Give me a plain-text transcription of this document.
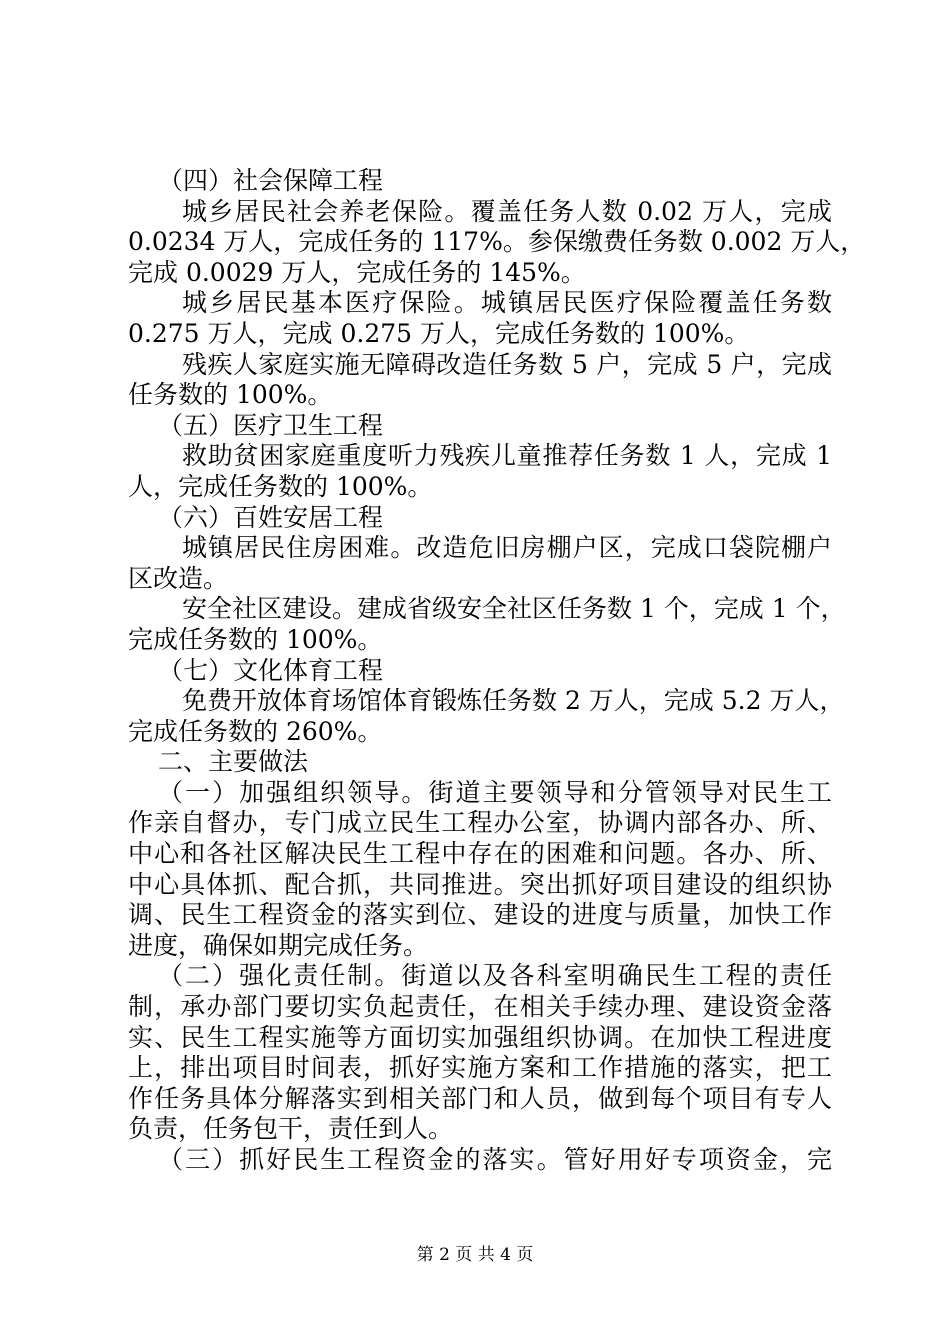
（四）社会保障工程
城乡居民社会养老保险。覆盖任务人数 0.02 万人，完成
0.0234 万人，完成任务的 117%。参保缴费任务数 0.002 万人，
完成 0.0029 万人，完成任务的 145%。
城乡居民基本医疗保险。城镇居民医疗保险覆盖任务数
0.275 万人，完成 0.275 万人，完成任务数的 100%。
残疾人家庭实施无障碍改造任务数 5 户，完成 5 户，完成
任务数的 100%。
（五）医疗卫生工程
救助贫困家庭重度听力残疾儿童推荐任务数 1 人，完成 1
人，完成任务数的 100%。
（六）百姓安居工程
城镇居民住房困难。改造危旧房棚户区，完成口袋院棚户
区改造。
安全社区建设。建成省级安全社区任务数 1 个，完成 1 个，
完成任务数的 100%。
（七）文化体育工程
免费开放体育场馆体育锻炼任务数 2 万人，完成 5.2 万人，
完成任务数的 260%。
二、主要做法
（一）加强组织领导。街道主要领导和分管领导对民生工
作亲自督办，专门成立民生工程办公室，协调内部各办、所、
中心和各社区解决民生工程中存在的困难和问题。各办、所、
中心具体抓、配合抓，共同推进。突出抓好项目建设的组织协
调、民生工程资金的落实到位、建设的进度与质量，加快工作
进度，确保如期完成任务。
（二）强化责任制。街道以及各科室明确民生工程的责任
制，承办部门要切实负起责任，在相关手续办理、建设资金落
实、民生工程实施等方面切实加强组织协调。在加快工程进度
上，排出项目时间表，抓好实施方案和工作措施的落实，把工
作任务具体分解落实到相关部门和人员，做到每个项目有专人
负责，任务包干，责任到人。
（三）抓好民生工程资金的落实。管好用好专项资金，完
第 2 页 共 4 页
